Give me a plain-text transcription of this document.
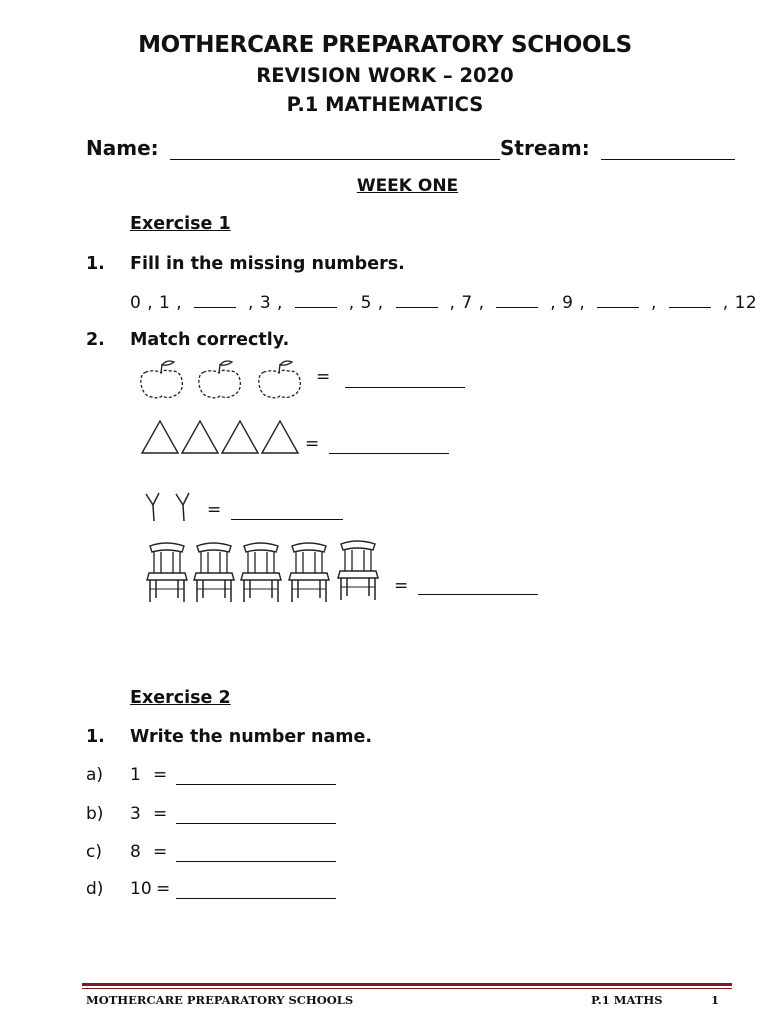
MOTHERCARE PREPARATORY SCHOOLS
REVISION WORK – 2020
P.1 MATHEMATICS
Name:	Stream:
WEEK ONE
Exercise 1
1. Fill in the missing numbers.
0 , 1 ,	, 3 ,	, 5 ,	, 7 ,	, 9 ,	,	, 12
2. Match correctly.
=
=
=
=
Exercise 2
1. Write the number name.
a) 1 =
b) 3 =
c) 8 =
d) 10 =
MOTHERCARE PREPARATORY SCHOOLS	P.1 MATHS	1
